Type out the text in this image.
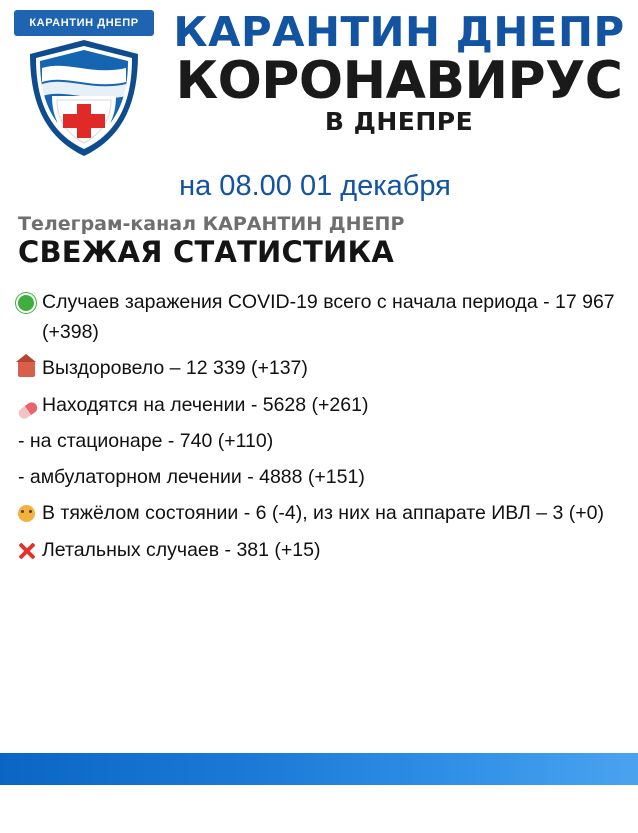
КАРАНТИН ДНЕПР КАРАНТИН ДНЕПР
КОРОНАВИРУС
В ДНЕПРЕ
на 08.00 01 декабря
Телеграм-канал КАРАНТИН ДНЕПР
СВЕЖАЯ СТАТИСТИКА
Случаев заражения COVID-19 всего с начала периода - 17 967 (+398)
Выздоровело – 12 339 (+137)
Находятся на лечении - 5628 (+261)
- на стационаре - 740 (+110)
- амбулаторном лечении - 4888 (+151)
В тяжёлом состоянии - 6 (-4), из них на аппарате ИВЛ – 3 (+0)
Летальных случаев - 381 (+15)
